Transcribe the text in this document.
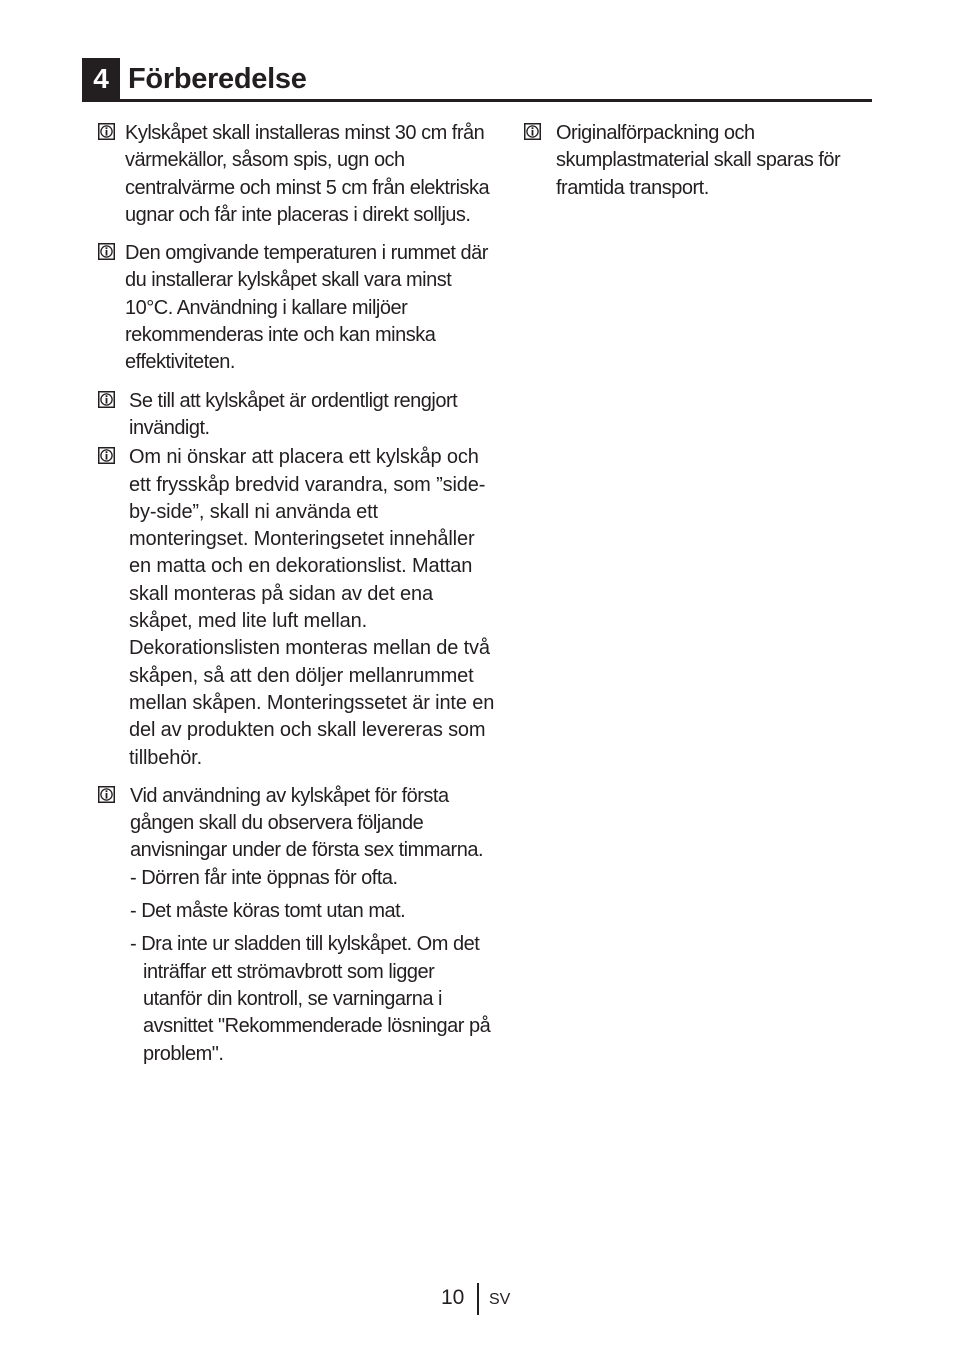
4 Förberedelse

Kylskåpet skall installeras minst 30 cm från värmekällor, såsom spis, ugn och centralvärme och minst 5 cm från elektriska ugnar och får inte placeras i direkt solljus.

Den omgivande temperaturen i rummet där du installerar kylskåpet skall vara minst 10°C. Användning i kallare miljöer rekommenderas inte och kan minska effektiviteten.

Se till att kylskåpet är ordentligt rengjort invändigt.

Om ni önskar att placera ett kylskåp och ett frysskåp bredvid varandra, som ”side-by-side”, skall ni använda ett monteringset. Monteringsetet innehåller en matta och en dekorationslist. Mattan skall monteras på sidan av det ena skåpet, med lite luft mellan. Dekorationslisten monteras mellan de två skåpen, så att den döljer mellanrummet mellan skåpen. Monteringssetet är inte en del av produkten och skall levereras som tillbehör.

Vid användning av kylskåpet för första gången skall du observera följande anvisningar under de första sex timmarna.

- Dörren får inte öppnas för ofta.
- Det måste köras tomt utan mat.
- Dra inte ur sladden till kylskåpet. Om det inträffar ett strömavbrott som ligger utanför din kontroll, se varningarna i avsnittet "Rekommenderade lösningar på problem".

Originalförpackning och skumplastmaterial skall sparas för framtida transport.

10 SV
